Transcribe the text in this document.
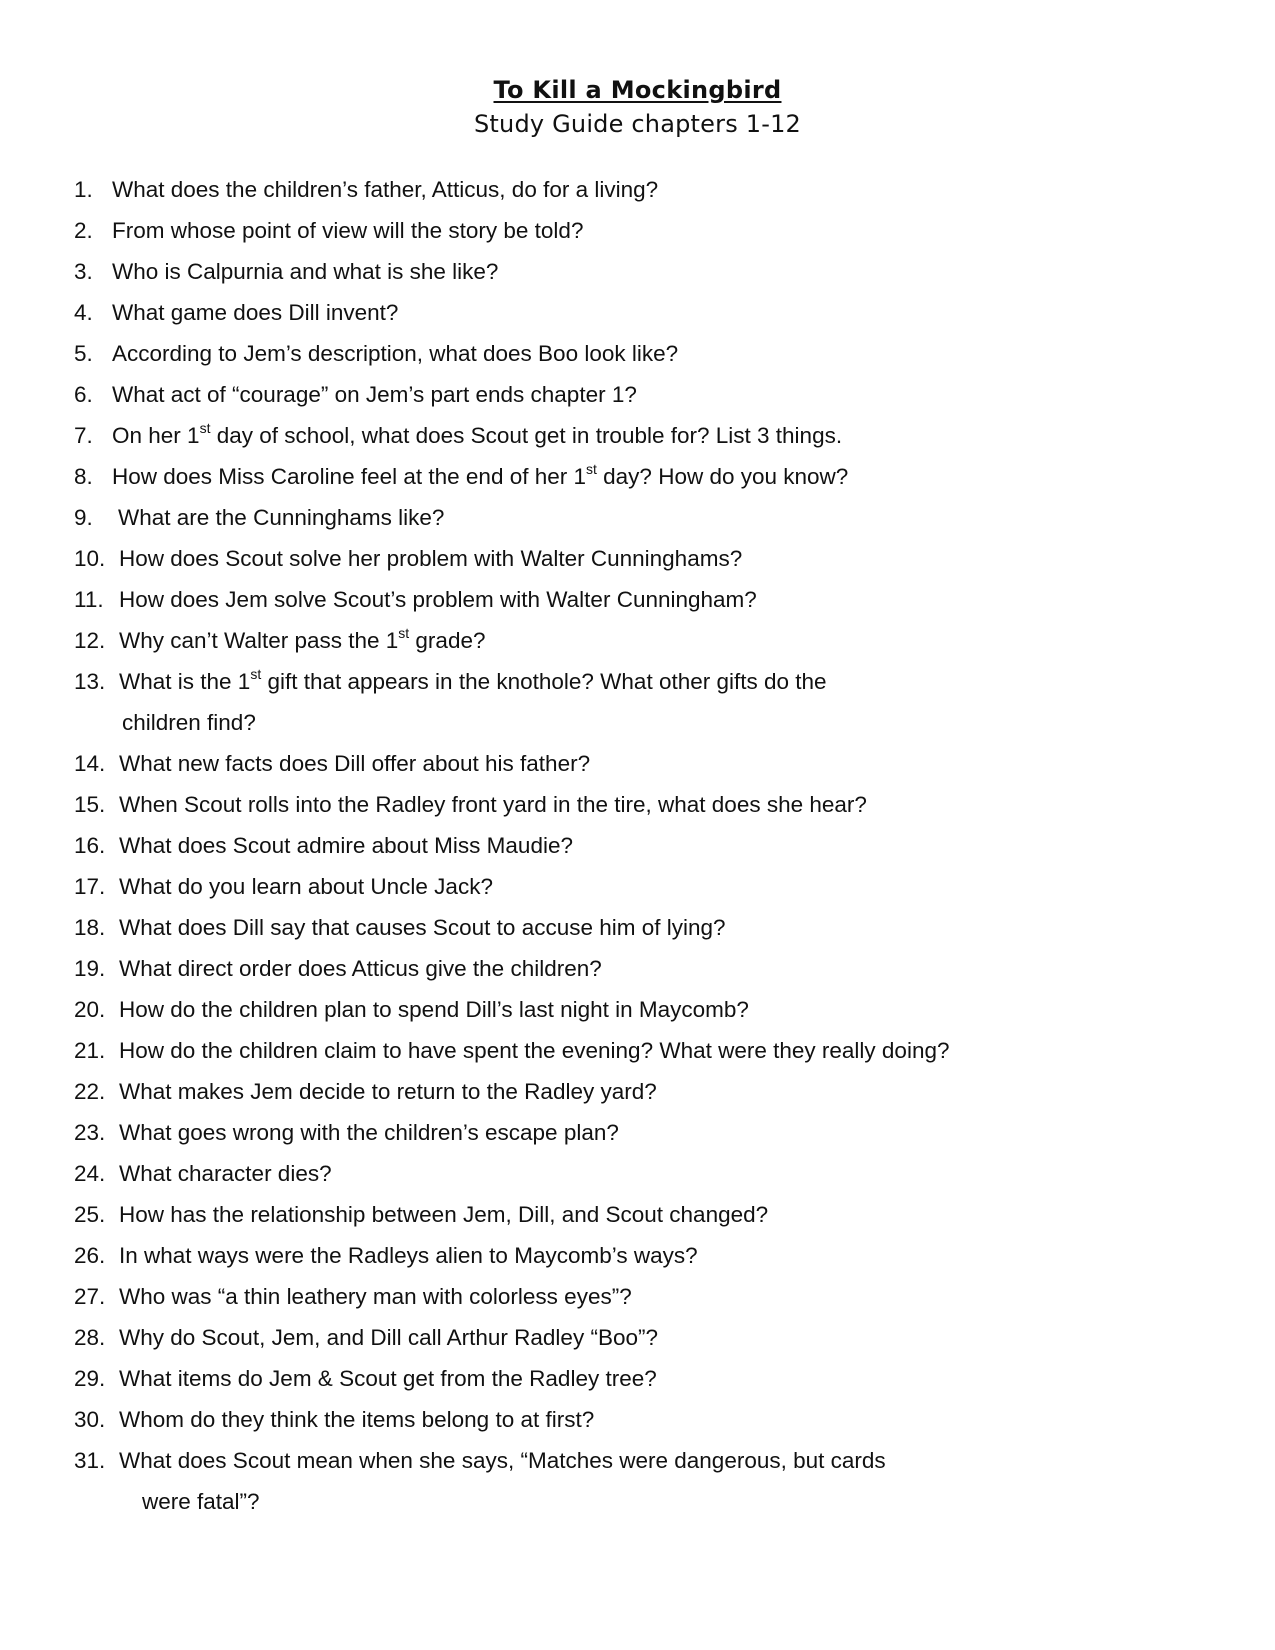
To Kill a Mockingbird
Study Guide chapters 1-12
1. What does the children’s father, Atticus, do for a living?
2. From whose point of view will the story be told?
3. Who is Calpurnia and what is she like?
4. What game does Dill invent?
5. According to Jem’s description, what does Boo look like?
6. What act of “courage” on Jem’s part ends chapter 1?
7. On her 1st day of school, what does Scout get in trouble for? List 3 things.
8. How does Miss Caroline feel at the end of her 1st day? How do you know?
9. What are the Cunninghams like?
10. How does Scout solve her problem with Walter Cunninghams?
11. How does Jem solve Scout’s problem with Walter Cunningham?
12. Why can’t Walter pass the 1st grade?
13. What is the 1st gift that appears in the knothole? What other gifts do the
children find?
14. What new facts does Dill offer about his father?
15. When Scout rolls into the Radley front yard in the tire, what does she hear?
16. What does Scout admire about Miss Maudie?
17. What do you learn about Uncle Jack?
18. What does Dill say that causes Scout to accuse him of lying?
19. What direct order does Atticus give the children?
20. How do the children plan to spend Dill’s last night in Maycomb?
21. How do the children claim to have spent the evening? What were they really doing?
22. What makes Jem decide to return to the Radley yard?
23. What goes wrong with the children’s escape plan?
24. What character dies?
25. How has the relationship between Jem, Dill, and Scout changed?
26. In what ways were the Radleys alien to Maycomb’s ways?
27. Who was “a thin leathery man with colorless eyes”?
28. Why do Scout, Jem, and Dill call Arthur Radley “Boo”?
29. What items do Jem & Scout get from the Radley tree?
30. Whom do they think the items belong to at first?
31. What does Scout mean when she says, “Matches were dangerous, but cards
were fatal”?
